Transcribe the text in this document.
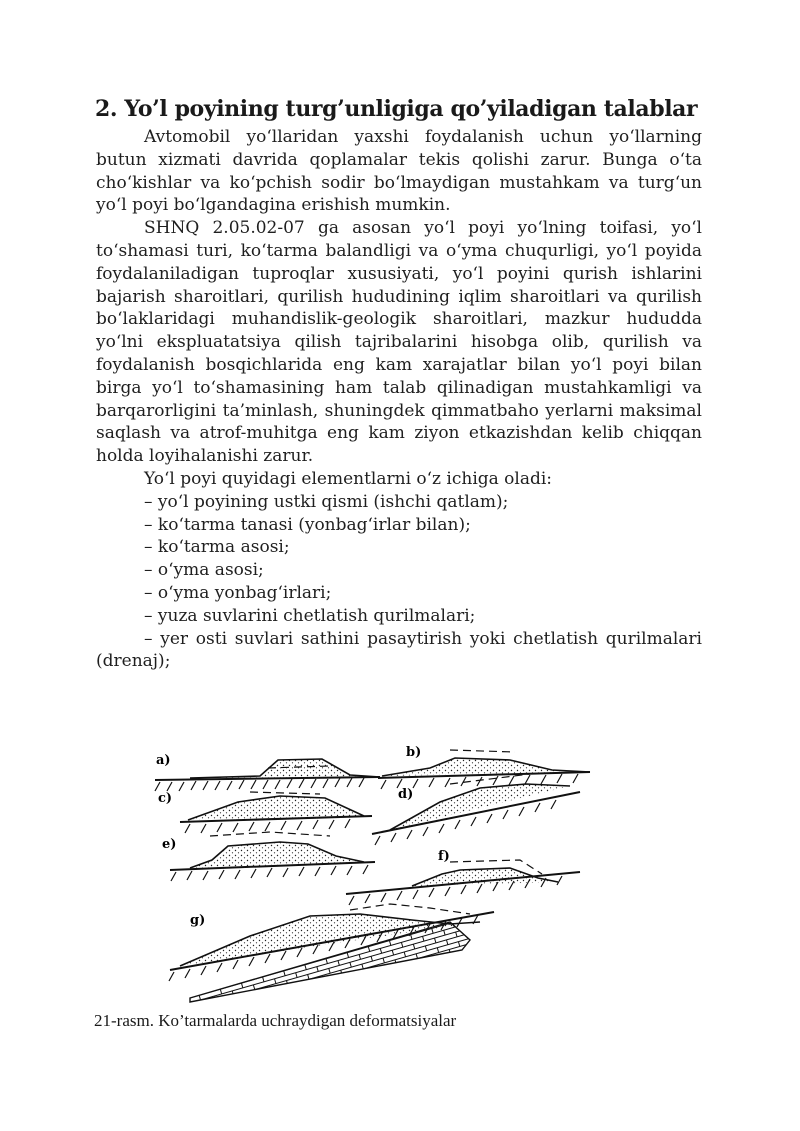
2. Yo’l poyining turg’unligiga qo’yiladigan talablar

Avtomobil yo‘llaridan yaxshi foydalanish uchun yo‘llarning butun xizmati davrida qoplamalar tekis qolishi zarur. Bunga o‘ta cho‘kishlar va ko‘pchish sodir bo‘lmaydigan mustahkam va turg‘un yo‘l poyi bo‘lgandagina erishish mumkin.

SHNQ 2.05.02-07 ga asosan yo‘l poyi yo‘lning toifasi, yo‘l to‘shamasi turi, ko‘tarma balandligi va o‘yma chuqurligi, yo‘l poyida foydalaniladigan tuproqlar xususiyati, yo‘l poyini qurish ishlarini bajarish sharoitlari, qurilish hududining iqlim sharoitlari va qurilish bo‘laklaridagi muhandislik-geologik sharoitlari, mazkur hududda yo‘lni ekspluatatsiya qilish tajribalarini hisobga olib, qurilish va foydalanish bosqichlarida eng kam xarajatlar bilan yo‘l poyi bilan birga yo‘l to‘shamasining ham talab qilinadigan mustahkamligi va barqarorligini ta’minlash, shuningdek qimmatbaho yerlarni maksimal saqlash va atrof-muhitga eng kam ziyon etkazishdan kelib chiqqan holda loyihalanishi zarur.

Yo‘l poyi quyidagi elementlarni o‘z ichiga oladi:

– yo‘l poyining ustki qismi (ishchi qatlam);
– ko‘tarma tanasi (yonbag‘irlar bilan);
– ko‘tarma asosi;
– o‘yma asosi;
– o‘yma yonbag‘irlari;
– yuza suvlarini chetlatish qurilmalari;
– yer osti suvlari sathini pasaytirish yoki chetlatish qurilmalari (drenaj);
a)
b)
c)	d)
e)
f)
g)
21-rasm. Ko’tarmalarda uchraydigan deformatsiyalar
